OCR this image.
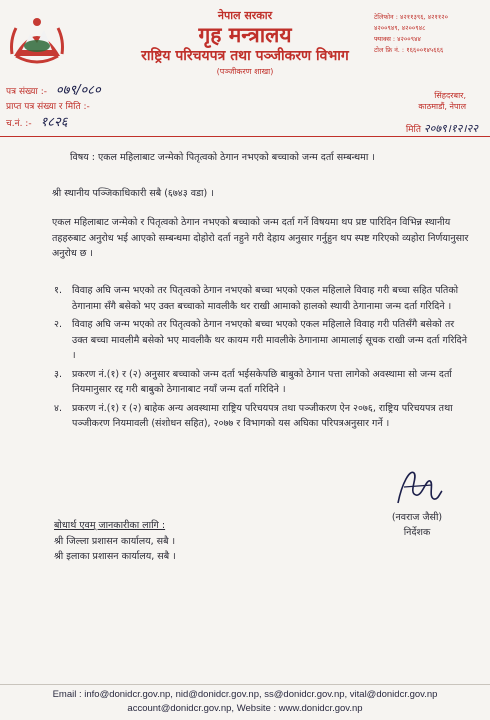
नेपाल सरकार
गृह मन्त्रालय
राष्ट्रिय परिचयपत्र तथा पञ्जीकरण विभाग
(पञ्जीकरण शाखा)
टेलिफोन : ४२११३९६, ४२११२०
४२००९४९, ४२००९४८
फ्याक्स : ४२००९४४
टोल फ्रि नं. : १६६००१४५६६६
पत्र संख्या :- ०७९/०८०
प्राप्त पत्र संख्या र मिति :-
च.नं. :- १८२६
सिंहदरबार,
काठमाडौं, नेपाल
मिति २०७९।१२।२२
विषय : एकल महिलाबाट जन्मेको पितृत्वको ठेगान नभएको बच्चाको जन्म दर्ता सम्बन्धमा ।
श्री स्थानीय पञ्जिकाधिकारी सबै (६७४३ वडा) ।
एकल महिलाबाट जन्मेको र पितृत्वको ठेगान नभएको बच्चाको जन्म दर्ता गर्ने विषयमा थप प्रष्ट पारिदिन विभिन्न स्थानीय तहहरुबाट अनुरोध भई आएको सम्बन्धमा दोहोरो दर्ता नहुने गरी देहाय अनुसार गर्नुहुन थप स्पष्ट गरिएको व्यहोरा निर्णयानुसार अनुरोध छ ।
१.	विवाह अघि जन्म भएको तर पितृत्वको ठेगान नभएको बच्चा भएको एकल महिलाले विवाह गरी बच्चा सहित पतिको ठेगानामा सँगै बसेको भए उक्त बच्चाको मावलीकै थर राखी आमाको हालको स्थायी ठेगानामा जन्म दर्ता गरिदिने ।
२.	विवाह अघि जन्म भएको तर पितृत्वको ठेगान नभएको बच्चा भएको एकल महिलाले विवाह गरी पतिसँगै बसेको तर उक्त बच्चा मावलीमै बसेको भए मावलीकै थर कायम गरी मावलीके ठेगानामा आमालाई सूचक राखी जन्म दर्ता गरिदिने ।
३.	प्रकरण नं.(१) र (२) अनुसार बच्चाको जन्म दर्ता भईसकेपछि बाबुको ठेगान पत्ता लागेको अवस्थामा सो जन्म दर्ता नियमानुसार रद्द गरी बाबुको ठेगानाबाट नयाँ जन्म दर्ता गरिदिने ।
४.	प्रकरण नं.(१) र (२) बाहेक अन्य अवस्थामा राष्ट्रिय परिचयपत्र तथा पञ्जीकरण ऐन २०७६, राष्ट्रिय परिचयपत्र तथा पञ्जीकरण नियमावली (संशोधन सहित), २०७७ र विभागको यस अघिका परिपत्रअनुसार गर्ने ।
(नवराज जैसी)
निर्देशक
बोधार्थ एवम् जानकारीका लागि :
श्री जिल्ला प्रशासन कार्यालय, सबै ।
श्री इलाका प्रशासन कार्यालय, सबै ।
Email : info@donidcr.gov.np, nid@donidcr.gov.np, ss@donidcr.gov.np, vital@donidcr.gov.np
account@donidcr.gov.np, Website : www.donidcr.gov.np
